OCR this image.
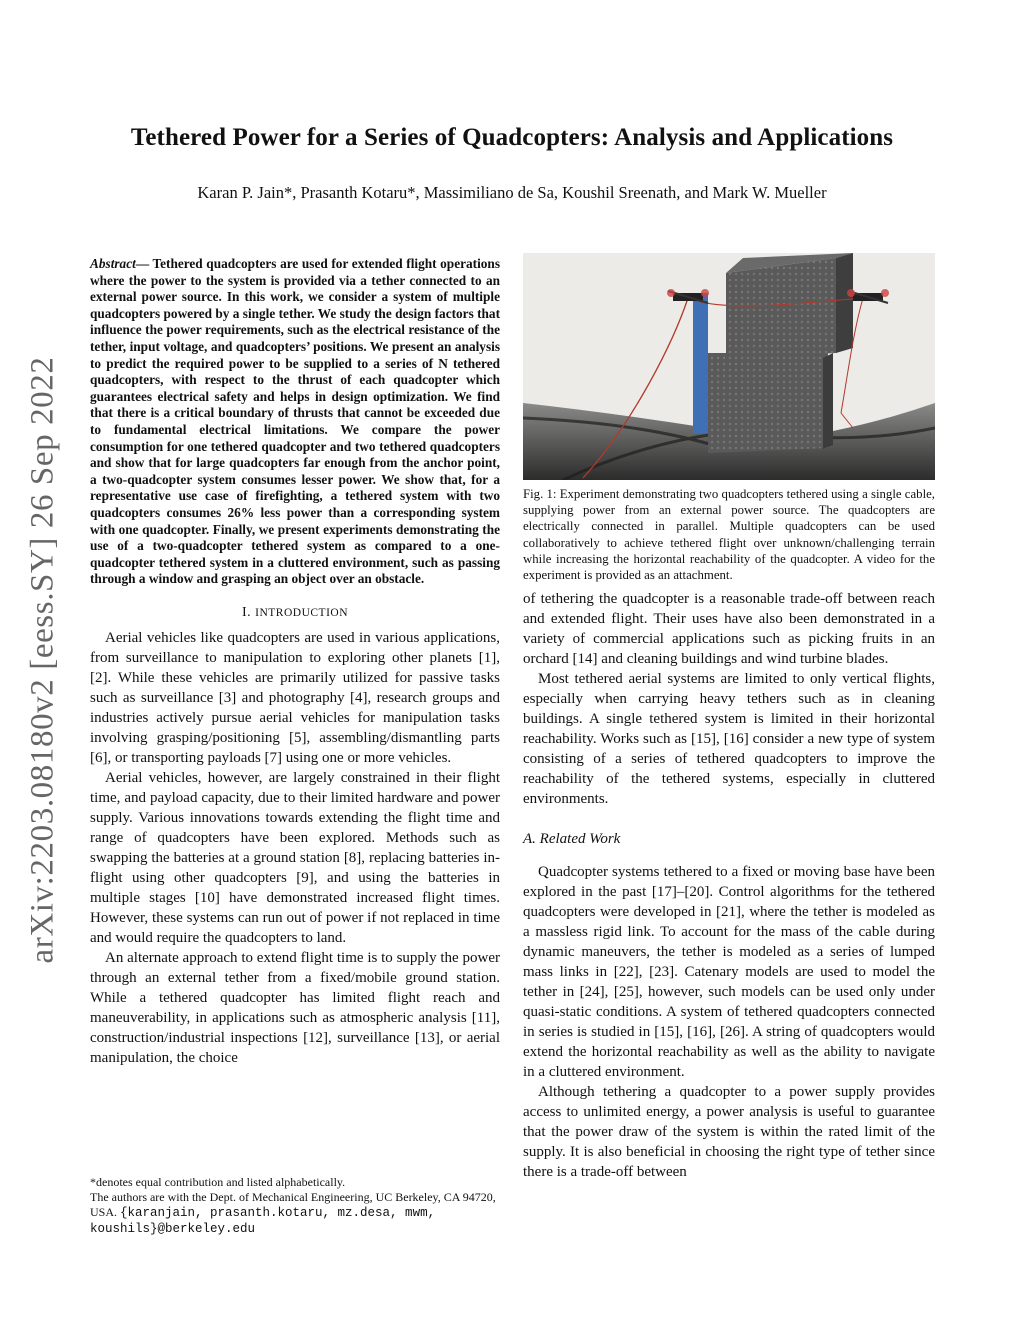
arXiv:2203.08180v2 [eess.SY] 26 Sep 2022
Tethered Power for a Series of Quadcopters: Analysis and Applications
Karan P. Jain*, Prasanth Kotaru*, Massimiliano de Sa, Koushil Sreenath, and Mark W. Mueller

Abstract— Tethered quadcopters are used for extended flight operations where the power to the system is provided via a tether connected to an external power source. In this work, we consider a system of multiple quadcopters powered by a single tether. We study the design factors that influence the power requirements, such as the electrical resistance of the tether, input voltage, and quadcopters’ positions. We present an analysis to predict the required power to be supplied to a series of N tethered quadcopters, with respect to the thrust of each quadcopter which guarantees electrical safety and helps in design optimization. We find that there is a critical boundary of thrusts that cannot be exceeded due to fundamental electrical limitations. We compare the power consumption for one tethered quadcopter and two tethered quadcopters and show that for large quadcopters far enough from the anchor point, a two-quadcopter system consumes lesser power. We show that, for a representative use case of firefighting, a tethered system with two quadcopters consumes 26% less power than a corresponding system with one quadcopter. Finally, we present experiments demonstrating the use of a two-quadcopter tethered system as compared to a one-quadcopter tethered system in a cluttered environment, such as passing through a window and grasping an object over an obstacle.

I. INTRODUCTION

Aerial vehicles like quadcopters are used in various applications, from surveillance to manipulation to exploring other planets [1], [2]. While these vehicles are primarily utilized for passive tasks such as surveillance [3] and photography [4], research groups and industries actively pursue aerial vehicles for manipulation tasks involving grasping/positioning [5], assembling/dismantling parts [6], or transporting payloads [7] using one or more vehicles.

Aerial vehicles, however, are largely constrained in their flight time, and payload capacity, due to their limited hardware and power supply. Various innovations towards extending the flight time and range of quadcopters have been explored. Methods such as swapping the batteries at a ground station [8], replacing batteries in-flight using other quadcopters [9], and using the batteries in multiple stages [10] have demonstrated increased flight times. However, these systems can run out of power if not replaced in time and would require the quadcopters to land.

An alternate approach to extend flight time is to supply the power through an external tether from a fixed/mobile ground station. While a tethered quadcopter has limited flight reach and maneuverability, in applications such as atmospheric analysis [11], construction/industrial inspections [12], surveillance [13], or aerial manipulation, the choice

*denotes equal contribution and listed alphabetically.
The authors are with the Dept. of Mechanical Engineering, UC Berkeley, CA 94720, USA. {karanjain, prasanth.kotaru, mz.desa, mwm, koushils}@berkeley.edu

Fig. 1: Experiment demonstrating two quadcopters tethered using a single cable, supplying power from an external power source. The quadcopters are electrically connected in parallel. Multiple quadcopters can be used collaboratively to achieve tethered flight over unknown/challenging terrain while increasing the horizontal reachability of the quadcopter. A video for the experiment is provided as an attachment.

of tethering the quadcopter is a reasonable trade-off between reach and extended flight. Their uses have also been demonstrated in a variety of commercial applications such as picking fruits in an orchard [14] and cleaning buildings and wind turbine blades.

Most tethered aerial systems are limited to only vertical flights, especially when carrying heavy tethers such as in cleaning buildings. A single tethered system is limited in their horizontal reachability. Works such as [15], [16] consider a new type of system consisting of a series of tethered quadcopters to improve the reachability of the tethered systems, especially in cluttered environments.

A. Related Work

Quadcopter systems tethered to a fixed or moving base have been explored in the past [17]–[20]. Control algorithms for the tethered quadcopters were developed in [21], where the tether is modeled as a massless rigid link. To account for the mass of the cable during dynamic maneuvers, the tether is modeled as a series of lumped mass links in [22], [23]. Catenary models are used to model the tether in [24], [25], however, such models can be used only under quasi-static conditions. A system of tethered quadcopters connected in series is studied in [15], [16], [26]. A string of quadcopters would extend the horizontal reachability as well as the ability to navigate in a cluttered environment.

Although tethering a quadcopter to a power supply provides access to unlimited energy, a power analysis is useful to guarantee that the power draw of the system is within the rated limit of the supply. It is also beneficial in choosing the right type of tether since there is a trade-off between
